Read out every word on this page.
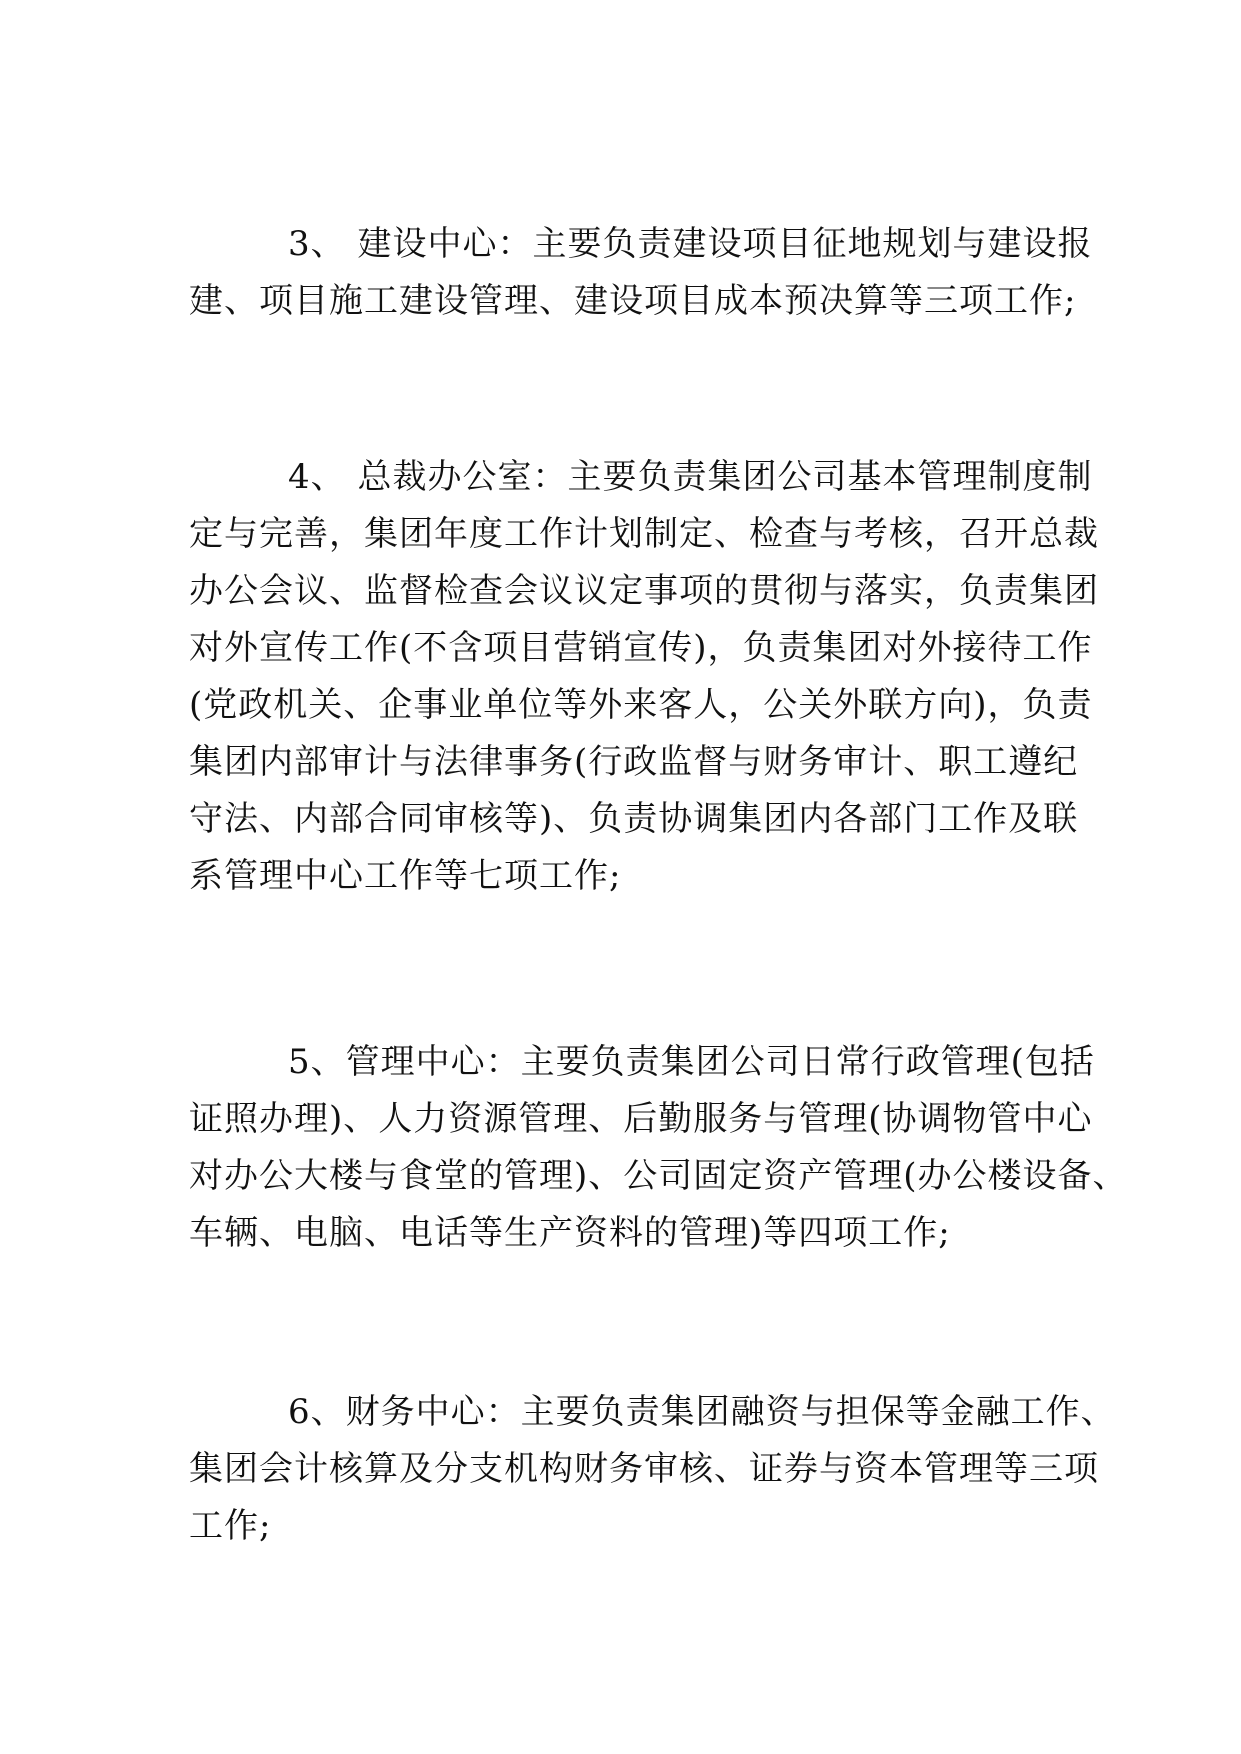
3、 建设中心：主要负责建设项目征地规划与建设报
建、项目施工建设管理、建设项目成本预决算等三项工作;
4、 总裁办公室：主要负责集团公司基本管理制度制
定与完善，集团年度工作计划制定、检查与考核，召开总裁
办公会议、监督检查会议议定事项的贯彻与落实，负责集团
对外宣传工作(不含项目营销宣传)，负责集团对外接待工作
(党政机关、企事业单位等外来客人，公关外联方向)，负责
集团内部审计与法律事务(行政监督与财务审计、职工遵纪
守法、内部合同审核等)、负责协调集团内各部门工作及联
系管理中心工作等七项工作;
5、管理中心：主要负责集团公司日常行政管理(包括
证照办理)、人力资源管理、后勤服务与管理(协调物管中心
对办公大楼与食堂的管理)、公司固定资产管理(办公楼设备、
车辆、电脑、电话等生产资料的管理)等四项工作;
6、财务中心：主要负责集团融资与担保等金融工作、
集团会计核算及分支机构财务审核、证券与资本管理等三项
工作;
